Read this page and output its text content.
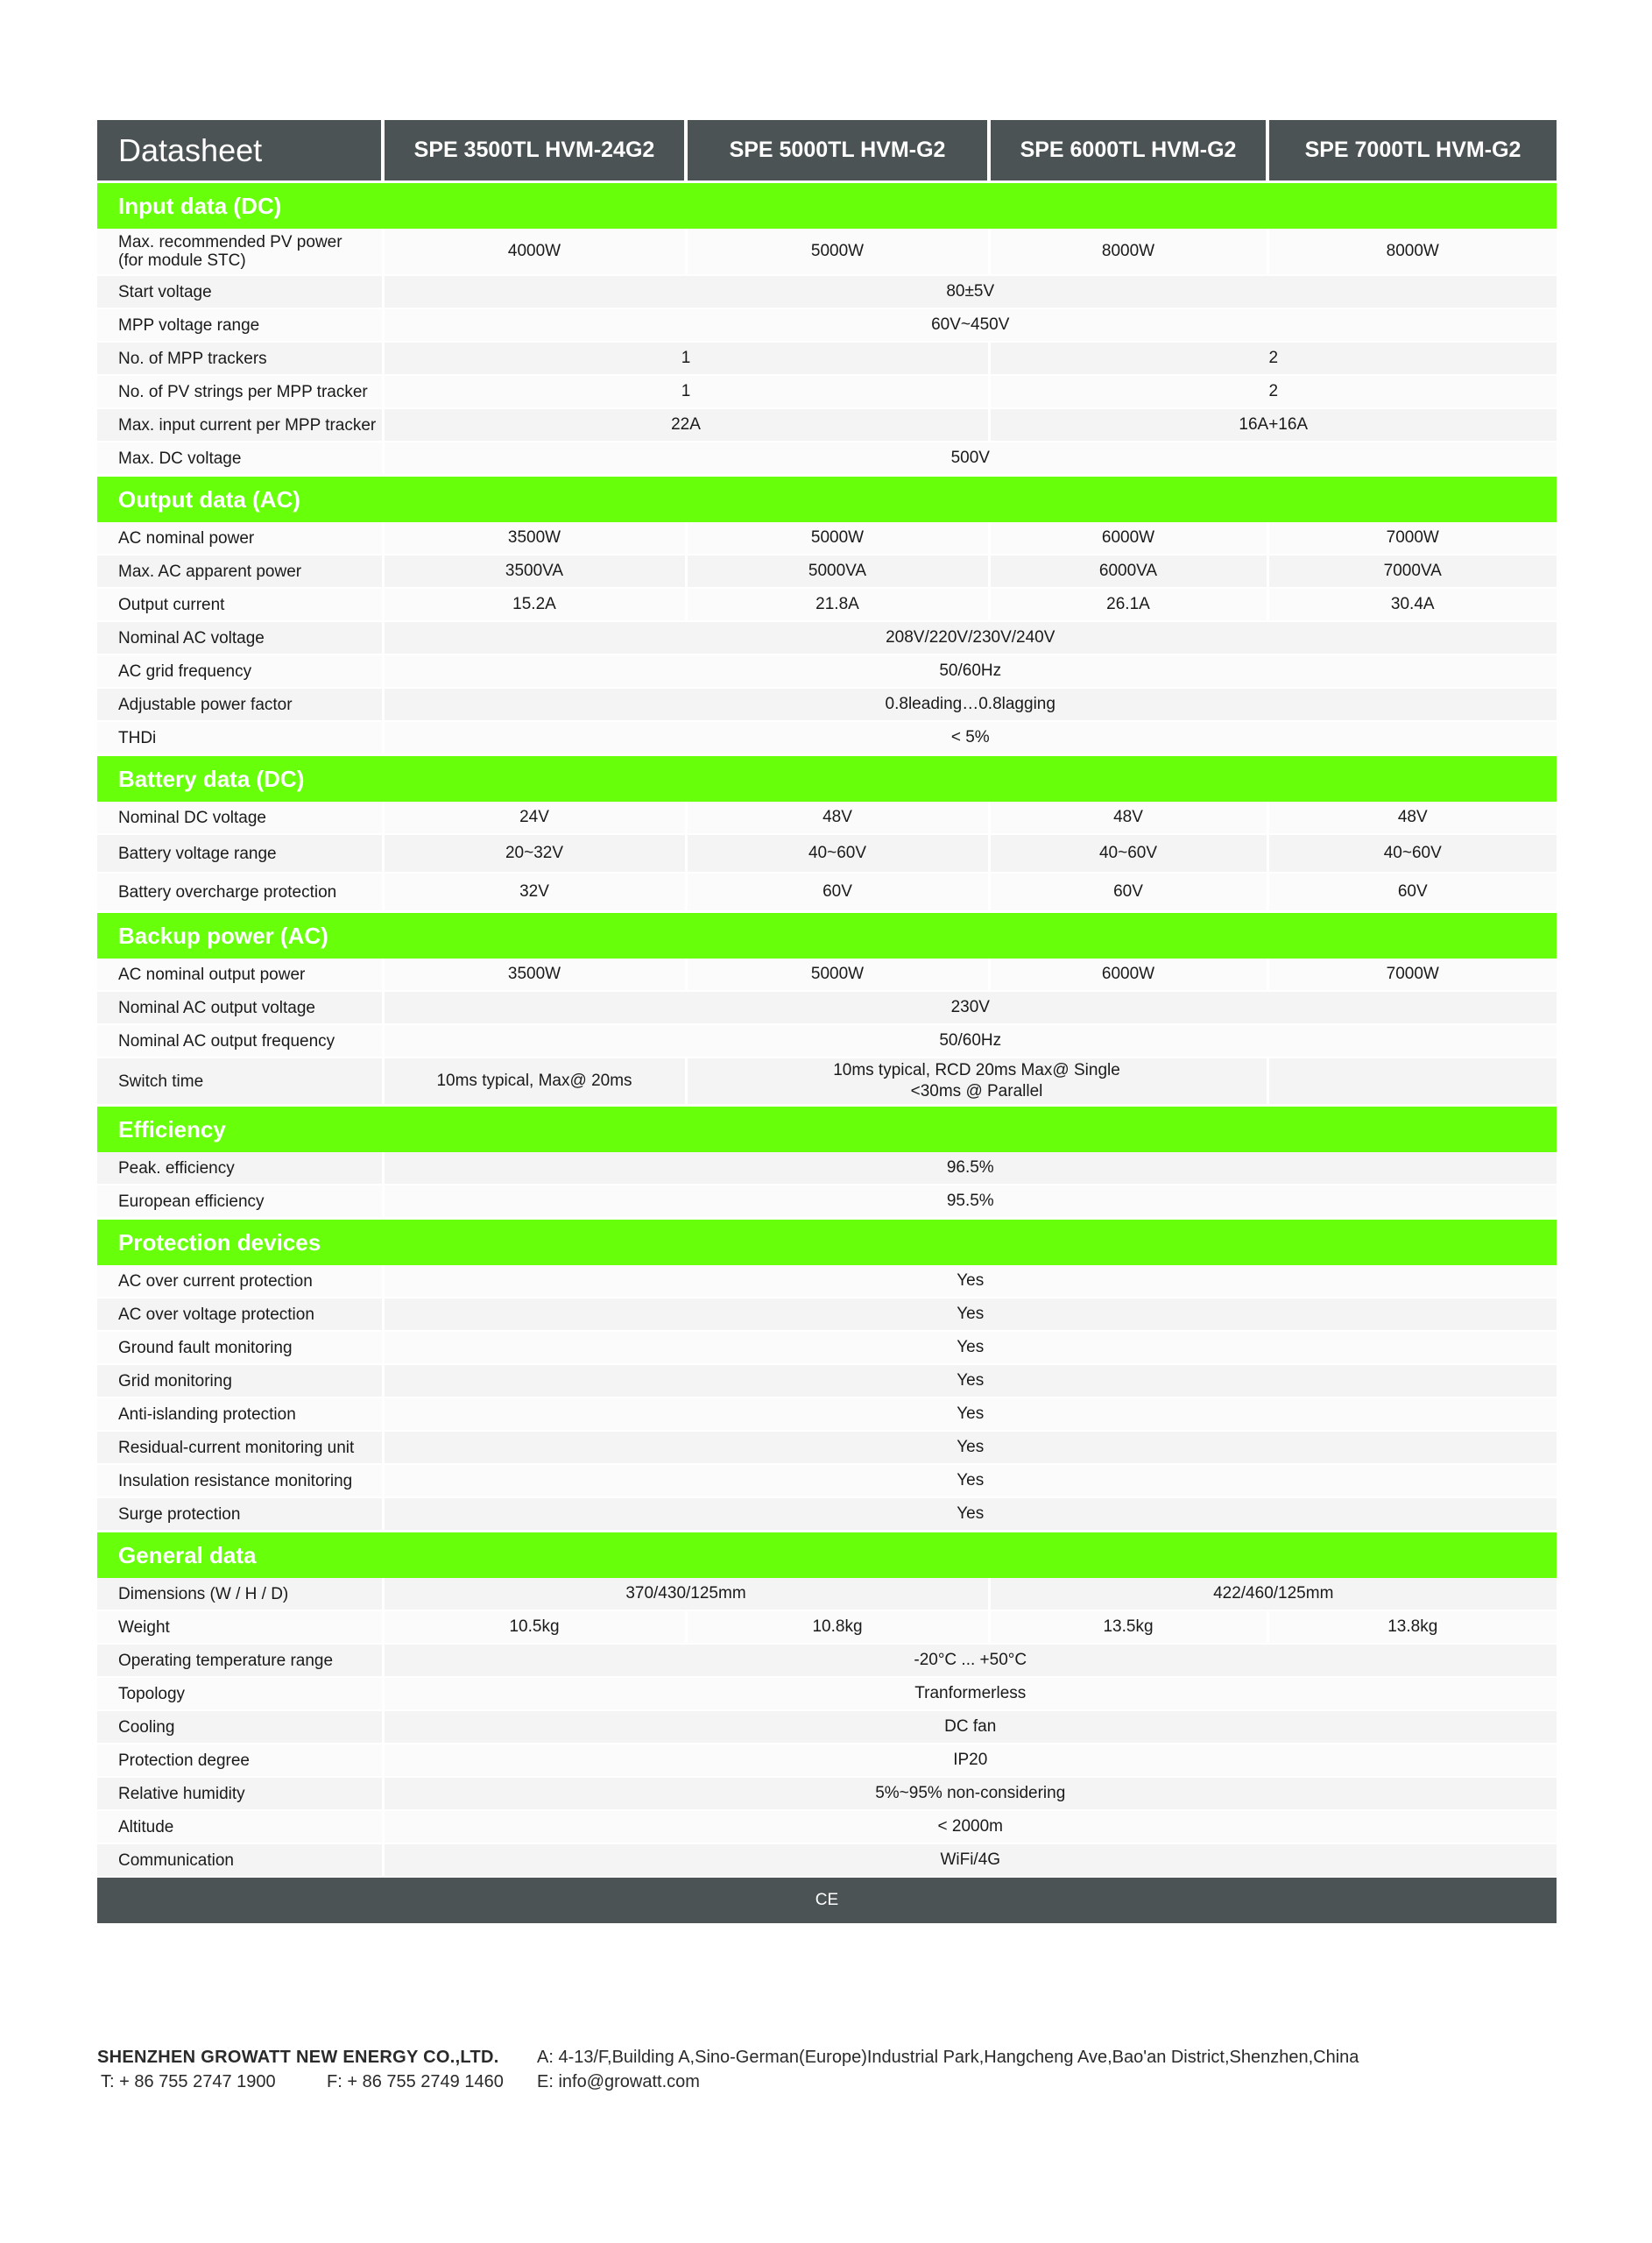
Datasheet	SPE 3500TL HVM-24G2	SPE 5000TL HVM-G2	SPE 6000TL HVM-G2	SPE 7000TL HVM-G2
Input data (DC)				

Max. recommended PV power
(for module STC)	4000W	5000W	8000W	8000W

Start voltage	80±5V			

MPP voltage range	60V~450V			

No. of MPP trackers	1		2	

No. of PV strings per MPP tracker	1		2	

Max. input current per MPP tracker	22A		16A+16A	

Max. DC voltage	500V			
Output data (AC)				

AC nominal power	3500W	5000W	6000W	7000W

Max. AC apparent power	3500VA	5000VA	6000VA	7000VA

Output current	15.2A	21.8A	26.1A	30.4A

Nominal AC voltage	208V/220V/230V/240V			

AC grid frequency	50/60Hz			

Adjustable power factor	0.8leading…0.8lagging			

THDi	< 5%			
Battery data (DC)				

Nominal DC voltage	24V	48V	48V	48V

Battery voltage range	20~32V	40~60V	40~60V	40~60V

Battery overcharge protection	32V	60V	60V	60V
Backup power (AC)				

AC nominal output power	3500W	5000W	6000W	7000W

Nominal AC output voltage	230V			

Nominal AC output frequency	50/60Hz			

Switch time	10ms typical, Max@ 20ms	10ms typical, RCD 20ms Max@ Single
<30ms @ Parallel		

Efficiency				

Peak. efficiency	96.5%			

European efficiency	95.5%			
Protection devices				

AC over current protection	Yes			

AC over voltage protection	Yes			

Ground fault monitoring	Yes			

Grid monitoring	Yes			

Anti-islanding protection	Yes			

Residual-current monitoring unit	Yes			

Insulation resistance monitoring	Yes			

Surge protection	Yes			
General data				

Dimensions (W / H / D)	370/430/125mm		422/460/125mm	

Weight	10.5kg	10.8kg	13.5kg	13.8kg

Operating temperature range	-20°C ... +50°C			

Topology	Tranformerless			

Cooling	DC fan			

Protection degree	IP20			

Relative humidity	5%~95% non-considering			

Altitude	< 2000m			

Communication	WiFi/4G			
CE				
SHENZHEN GROWATT NEW ENERGY CO.,LTD.	A: 4-13/F,Building A,Sino-German(Europe)Industrial Park,Hangcheng Ave,Bao'an District,Shenzhen,China
T: + 86 755 2747 1900	F: + 86 755 2749 1460	E: info@growatt.com
